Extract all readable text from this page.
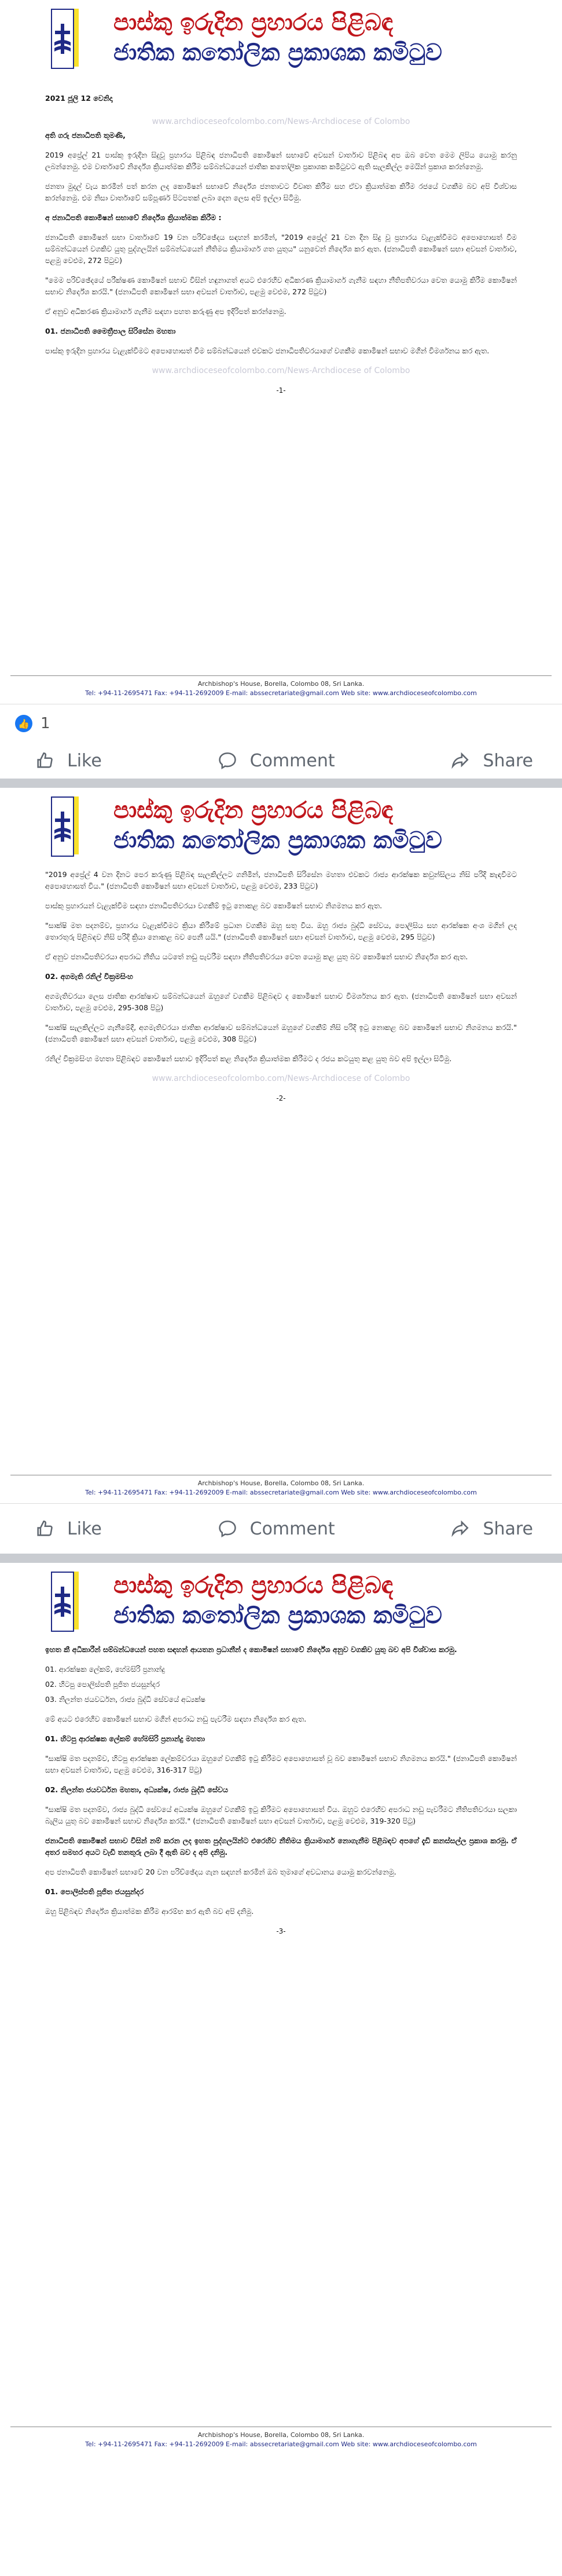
පාස්කු ඉරුදින ප්‍රහාරය පිළිබඳ
ජාතික කතෝලික ප්‍රකාශක කමිටුව
2021 ජූලි 12 වෙනිදා
www.archdioceseofcolombo.com/News-Archdiocese of Colombo

අති ගරු ජනාධිපති තුමණි,

2019 අප්‍රේල් 21 පාස්කු ඉරුදින සිදුවූ ප්‍රහාරය පිළිබඳ ජනාධිපති කොමිෂන් සභාවේ අවසන් වාර්තාව පිළිබඳ අප ඔබ වෙත මෙම ලිපිය යොමු කරනු ලබන්නෙමු. එම වාර්තාවේ නිර්දේශ ක්‍රියාත්මක කිරීම සම්බන්ධයෙන් ජාතික කතෝලික ප්‍රකාශක කමිටුවට ඇති සැලකිල්ල මෙයින් ප්‍රකාශ කරන්නෙමු.

ජනතා මුදල් වැය කරමින් පත් කරන ලද කොමිෂන් සභාවේ නිර්දේශ ජනතාවට විවෘත කිරීම සහ ඒවා ක්‍රියාත්මක කිරීම රජයේ වගකීම බව අපි විශ්වාස කරන්නෙමු. එම නිසා වාර්තාවේ සම්පූර්ණ පිටපතක් ලබා දෙන ලෙස අපි ඉල්ලා සිටිමු.

අ ජනාධිපති කොමිෂන් සභාවේ නිර්දේශ ක්‍රියාත්මක කිරීම :

ජනාධිපති කොමිෂන් සභා වාර්තාවේ 19 වන පරිච්ඡේදය සඳහන් කරමින්, "2019 අප්‍රේල් 21 වන දින සිදු වූ ප්‍රහාරය වැළැක්වීමට අපොහොසත් වීම සම්බන්ධයෙන් වගකිව යුතු පුද්ගලයින් සම්බන්ධයෙන් නීතිමය ක්‍රියාමාර්ග ගත යුතුය" යනුවෙන් නිර්දේශ කර ඇත. (ජනාධිපති කොමිෂන් සභා අවසන් වාර්තාව, පළමු වෙළුම, 272 පිටුව)

"මෙම පරිච්ඡේදයේ පරීක්ෂණ කොමිෂන් සභාව විසින් හඳුනාගත් අයට එරෙහිව අධිකරණ ක්‍රියාමාර්ග ගැනීම සඳහා නීතිපතිවරයා වෙත යොමු කිරීම කොමිෂන් සභාව නිර්දේශ කරයි." (ජනාධිපති කොමිෂන් සභා අවසන් වාර්තාව, පළමු වෙළුම, 272 පිටුව)

ඒ අනුව අධිකරණ ක්‍රියාමාර්ග ගැනීම සඳහා පහත කරුණු අප ඉදිරිපත් කරන්නෙමු.

01. ජනාධිපති මෛත්‍රීපාල සිරිසේන මහතා

පාස්කු ඉරුදින ප්‍රහාරය වැළැක්වීමට අපොහොසත් වීම සම්බන්ධයෙන් එවකට ජනාධිපතිවරයාගේ වගකීම කොමිෂන් සභාව මගින් විමර්ශනය කර ඇත.

www.archdioceseofcolombo.com/News-Archdiocese of Colombo
-1-
Archbishop's House, Borella, Colombo 08, Sri Lanka.
Tel: +94-11-2695471 Fax: +94-11-2692009 E-mail: abssecretariate@gmail.com Web site: www.archdioceseofcolombo.com
👍 1
Like	Comment	Share
පාස්කු ඉරුදින ප්‍රහාරය පිළිබඳ
ජාතික කතෝලික ප්‍රකාශක කමිටුව

"2019 අප්‍රේල් 4 වන දිනට පෙර කරුණු පිළිබඳ සැලකිල්ලට ගනිමින්, ජනාධිපති සිරිසේන මහතා එවකට රාජ්‍ය ආරක්ෂක කවුන්සිලය නිසි පරිදි කැඳවීමට අපොහොසත් විය." (ජනාධිපති කොමිෂන් සභා අවසන් වාර්තාව, පළමු වෙළුම, 233 පිටුව)

පාස්කු ප්‍රහාරයන් වැළැක්වීම සඳහා ජනාධිපතිවරයා වගකීම් ඉටු නොකළ බව කොමිෂන් සභාව නිගමනය කර ඇත.

"සාක්ෂි මත පදනම්ව, ප්‍රහාරය වැළැක්වීමට ක්‍රියා කිරීමේ ප්‍රධාන වගකීම ඔහු සතු විය. ඔහු රාජ්‍ය බුද්ධි සේවය, පොලිසිය සහ ආරක්ෂක අංශ මගින් ලද තොරතුරු පිළිබඳව නිසි පරිදි ක්‍රියා නොකළ බව පෙනී යයි." (ජනාධිපති කොමිෂන් සභා අවසන් වාර්තාව, පළමු වෙළුම, 295 පිටුව)

ඒ අනුව ජනාධිපතිවරයා අපරාධ නීතිය යටතේ නඩු පැවරීම සඳහා නීතිපතිවරයා වෙත යොමු කළ යුතු බව කොමිෂන් සභාව නිර්දේශ කර ඇත.

02. අගමැති රනිල් වික්‍රමසිංහ

අගමැතිවරයා ලෙස ජාතික ආරක්ෂාව සම්බන්ධයෙන් ඔහුගේ වගකීම පිළිබඳව ද කොමිෂන් සභාව විමර්ශනය කර ඇත. (ජනාධිපති කොමිෂන් සභා අවසන් වාර්තාව, පළමු වෙළුම, 295-308 පිටු)

"සාක්ෂි සැලකිල්ලට ගැනීමේදී, අගමැතිවරයා ජාතික ආරක්ෂාව සම්බන්ධයෙන් ඔහුගේ වගකීම් නිසි පරිදි ඉටු නොකළ බව කොමිෂන් සභාව නිගමනය කරයි." (ජනාධිපති කොමිෂන් සභා අවසන් වාර්තාව, පළමු වෙළුම, 308 පිටුව)

රනිල් වික්‍රමසිංහ මහතා පිළිබඳව කොමිෂන් සභාව ඉදිරිපත් කළ නිර්දේශ ක්‍රියාත්මක කිරීමට ද රජය කටයුතු කළ යුතු බව අපි ඉල්ලා සිටිමු.

www.archdioceseofcolombo.com/News-Archdiocese of Colombo
-2-
Archbishop's House, Borella, Colombo 08, Sri Lanka.
Tel: +94-11-2695471 Fax: +94-11-2692009 E-mail: abssecretariate@gmail.com Web site: www.archdioceseofcolombo.com
Like	Comment	Share
පාස්කු ඉරුදින ප්‍රහාරය පිළිබඳ
ජාතික කතෝලික ප්‍රකාශක කමිටුව

ඉහත කී අධිකාරීන් සම්බන්ධයෙන් පහත සඳහන් ආයතන ප්‍රධානීන් ද කොමිෂන් සභාවේ නිර්දේශ අනුව වගකිව යුතු බව අපි විශ්වාස කරමු.

01. ආරක්ෂක ලේකම්, හේමසිරි ප්‍රනාන්දු

02. හිටපු පොලිස්පති පූජිත ජයසුන්දර

03. නිලන්ත ජයවර්ධන, රාජ්‍ය බුද්ධි සේවයේ අධ්‍යක්ෂ

මේ අයට එරෙහිව කොමිෂන් සභාව මගින් අපරාධ නඩු පැවරීම සඳහා නිර්දේශ කර ඇත.

01. හිටපු ආරක්ෂක ලේකම් හේමසිරි ප්‍රනාන්දු මහතා

"සාක්ෂි මත පදනම්ව, හිටපු ආරක්ෂක ලේකම්වරයා ඔහුගේ වගකීම් ඉටු කිරීමට අපොහොසත් වූ බව කොමිෂන් සභාව නිගමනය කරයි." (ජනාධිපති කොමිෂන් සභා අවසන් වාර්තාව, පළමු වෙළුම, 316-317 පිටු)

02. නිලන්ත ජයවර්ධන මහතා, අධ්‍යක්ෂ, රාජ්‍ය බුද්ධි සේවය

"සාක්ෂි මත පදනම්ව, රාජ්‍ය බුද්ධි සේවයේ අධ්‍යක්ෂ ඔහුගේ වගකීම් ඉටු කිරීමට අපොහොසත් විය. ඔහුට එරෙහිව අපරාධ නඩු පැවරීමට නීතිපතිවරයා සලකා බැලිය යුතු බව කොමිෂන් සභාව නිර්දේශ කරයි." (ජනාධිපති කොමිෂන් සභා අවසන් වාර්තාව, පළමු වෙළුම, 319-320 පිටු)

ජනාධිපති කොමිෂන් සභාව විසින් නම් කරන ලද ඉහත පුද්ගලයින්ට එරෙහිව නීතිමය ක්‍රියාමාර්ග නොගැනීම පිළිබඳව අපගේ දැඩි කනස්සල්ල ප්‍රකාශ කරමු. ඒ අතර සමහර අයට වැඩි තනතුරු ලබා දී ඇති බව ද අපි දනිමු.

අප ජනාධිපති කොමිෂන් සභාවේ 20 වන පරිච්ඡේදය ගැන සඳහන් කරමින් ඔබ තුමාගේ අවධානය යොමු කරවන්නෙමු.

01. පොලිස්පති පූජිත ජයසුන්දර

ඔහු පිළිබඳව නිර්දේශ ක්‍රියාත්මක කිරීම ආරම්භ කර ඇති බව අපි දනිමු.

-3-
Archbishop's House, Borella, Colombo 08, Sri Lanka.
Tel: +94-11-2695471 Fax: +94-11-2692009 E-mail: abssecretariate@gmail.com Web site: www.archdioceseofcolombo.com
